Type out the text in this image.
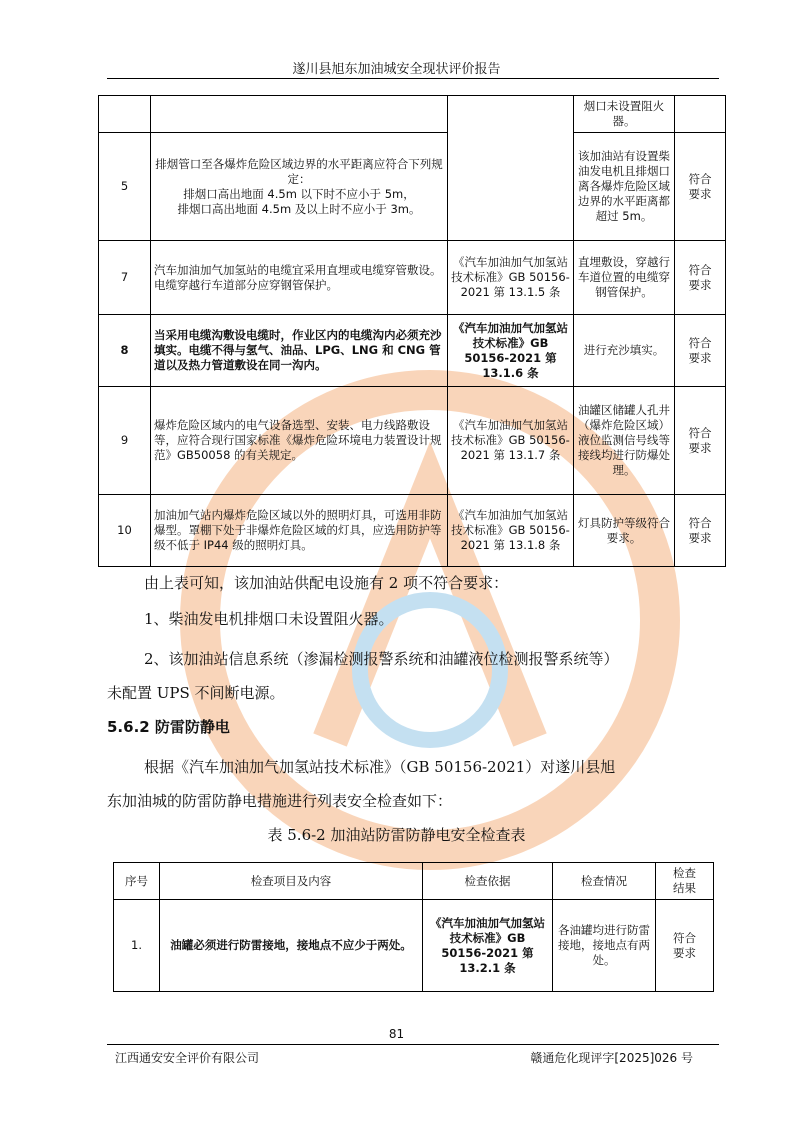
遂川县旭东加油城安全现状评价报告
			烟口未设置阻火器。	
5	排烟管口至各爆炸危险区域边界的水平距离应符合下列规定：
排烟口高出地面 4.5m 以下时不应小于 5m，
排烟口高出地面 4.5m 及以上时不应小于 3m。		该加油站有设置柴油发电机且排烟口离各爆炸危险区域边界的水平距离都超过 5m。	符合
要求
7	汽车加油加气加氢站的电缆宜采用直埋或电缆穿管敷设。电缆穿越行车道部分应穿钢管保护。	《汽车加油加气加氢站技术标准》GB 50156-2021 第 13.1.5 条	直埋敷设，穿越行车道位置的电缆穿钢管保护。	符合
要求
8	当采用电缆沟敷设电缆时，作业区内的电缆沟内必须充沙填实。电缆不得与氢气、油品、LPG、LNG 和 CNG 管道以及热力管道敷设在同一沟内。	《汽车加油加气加氢站技术标准》GB 50156-2021 第 13.1.6 条	进行充沙填实。	符合
要求
9	爆炸危险区域内的电气设备选型、安装、电力线路敷设等，应符合现行国家标准《爆炸危险环境电力装置设计规范》GB50058 的有关规定。	《汽车加油加气加氢站技术标准》GB 50156-2021 第 13.1.7 条	油罐区储罐人孔井（爆炸危险区域）液位监测信号线等接线均进行防爆处理。	符合
要求
10	加油加气站内爆炸危险区域以外的照明灯具，可选用非防爆型。罩棚下处于非爆炸危险区域的灯具，应选用防护等级不低于 IP44 级的照明灯具。	《汽车加油加气加氢站技术标准》GB 50156-2021 第 13.1.8 条	灯具防护等级符合要求。	符合
要求
由上表可知，该加油站供配电设施有 2 项不符合要求：
1、柴油发电机排烟口未设置阻火器。
2、该加油站信息系统（渗漏检测报警系统和油罐液位检测报警系统等）
未配置 UPS 不间断电源。
5.6.2 防雷防静电
根据《汽车加油加气加氢站技术标准》（GB 50156-2021）对遂川县旭
东加油城的防雷防静电措施进行列表安全检查如下：
表 5.6-2 加油站防雷防静电安全检查表
序号	检查项目及内容	检查依据	检查情况	检查
结果
1.	油罐必须进行防雷接地，接地点不应少于两处。	《汽车加油加气加氢站技术标准》GB 50156-2021 第 13.2.1 条	各油罐均进行防雷接地，接地点有两处。	符合
要求
81
江西通安安全评价有限公司	赣通危化现评字[2025]026 号
